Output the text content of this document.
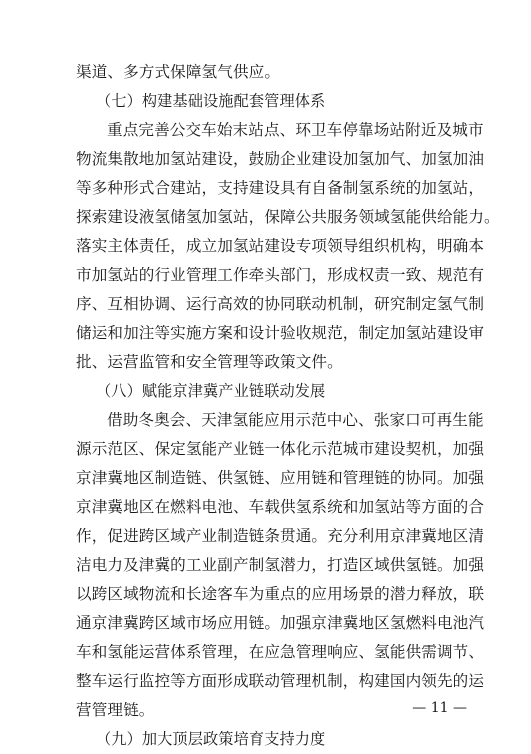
渠道、多方式保障氢气供应。
（七）构建基础设施配套管理体系
重点完善公交车始末站点、环卫车停靠场站附近及城市
物流集散地加氢站建设，鼓励企业建设加氢加气、加氢加油
等多种形式合建站，支持建设具有自备制氢系统的加氢站，
探索建设液氢储氢加氢站，保障公共服务领域氢能供给能力。
落实主体责任，成立加氢站建设专项领导组织机构，明确本
市加氢站的行业管理工作牵头部门，形成权责一致、规范有
序、互相协调、运行高效的协同联动机制，研究制定氢气制
储运和加注等实施方案和设计验收规范，制定加氢站建设审
批、运营监管和安全管理等政策文件。
（八）赋能京津冀产业链联动发展
借助冬奥会、天津氢能应用示范中心、张家口可再生能
源示范区、保定氢能产业链一体化示范城市建设契机，加强
京津冀地区制造链、供氢链、应用链和管理链的协同。加强
京津冀地区在燃料电池、车载供氢系统和加氢站等方面的合
作，促进跨区域产业制造链条贯通。充分利用京津冀地区清
洁电力及津冀的工业副产制氢潜力，打造区域供氢链。加强
以跨区域物流和长途客车为重点的应用场景的潜力释放，联
通京津冀跨区域市场应用链。加强京津冀地区氢燃料电池汽
车和氢能运营体系管理，在应急管理响应、氢能供需调节、
整车运行监控等方面形成联动管理机制，构建国内领先的运
营管理链。
（九）加大顶层政策培育支持力度
— 11 —
